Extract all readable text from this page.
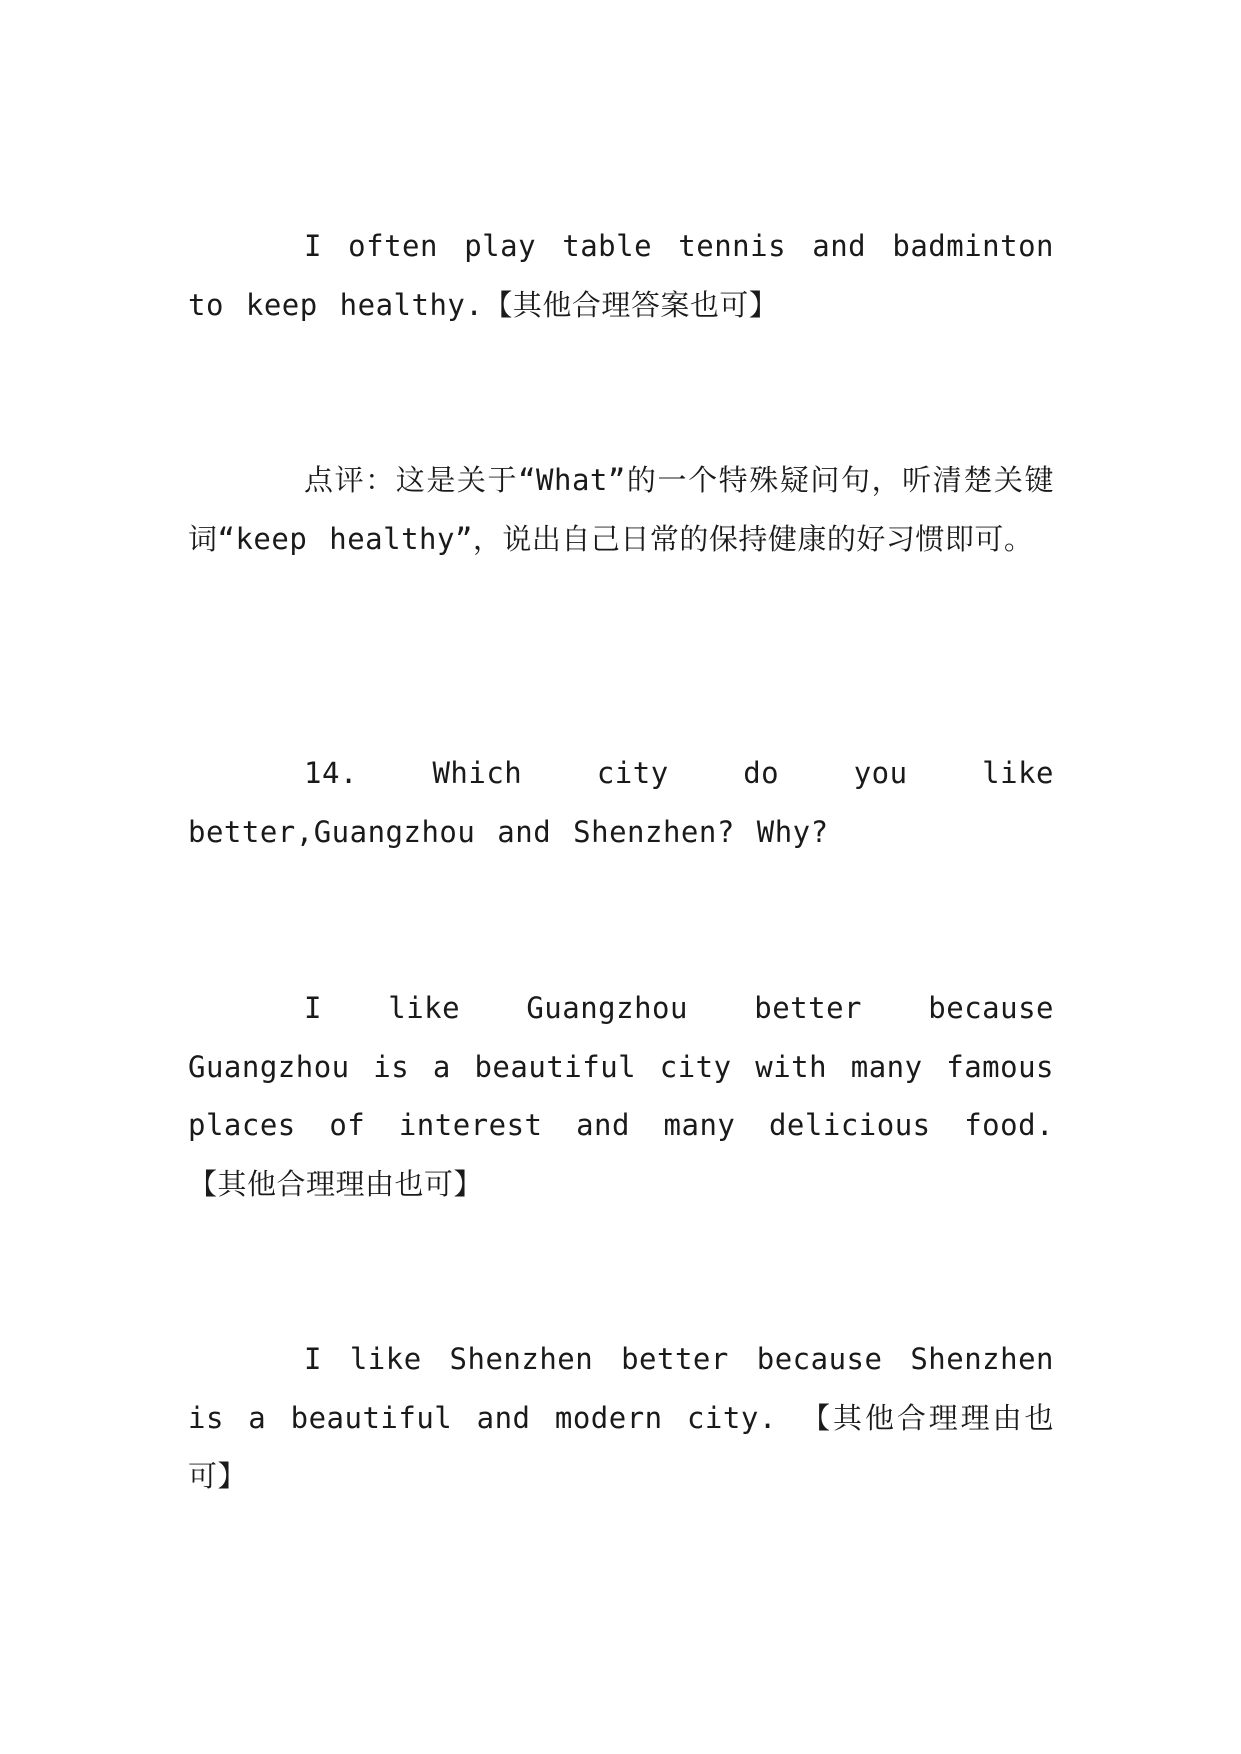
I often play table tennis and badminton to keep healthy.【其他合理答案也可】

点评：这是关于“What”的一个特殊疑问句，听清楚关键词“keep healthy”，说出自己日常的保持健康的好习惯即可。

14. Which city do you like better,Guangzhou and Shenzhen? Why?

I like Guangzhou better because Guangzhou is a beautiful city with many famous places of interest and many delicious food. 【其他合理理由也可】

I like Shenzhen better because Shenzhen is a beautiful and modern city. 【其他合理理由也可】
